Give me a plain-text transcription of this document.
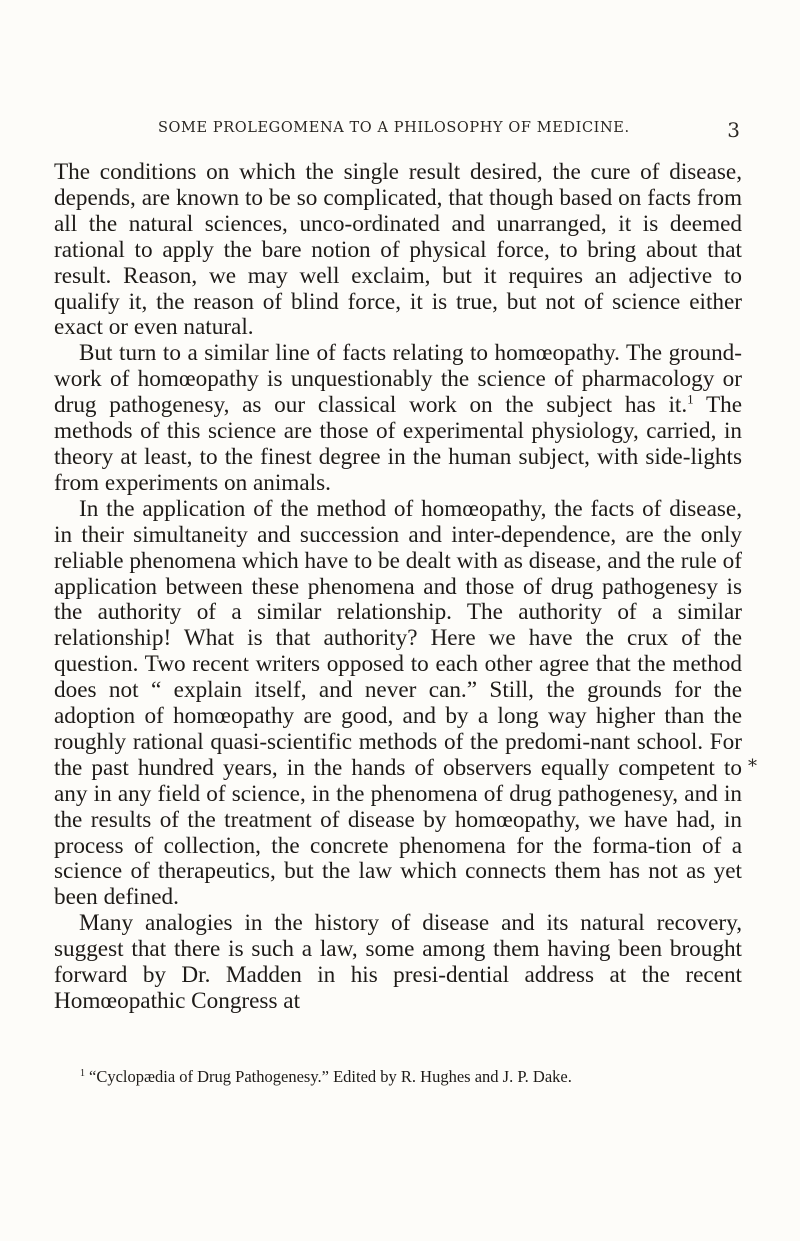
SOME PROLEGOMENA TO A PHILOSOPHY OF MEDICINE.	3

The conditions on which the single result desired, the cure of disease, depends, are known to be so complicated, that though based on facts from all the natural sciences, unco-ordinated and unarranged, it is deemed rational to apply the bare notion of physical force, to bring about that result. Reason, we may well exclaim, but it requires an adjective to qualify it, the reason of blind force, it is true, but not of science either exact or even natural.

But turn to a similar line of facts relating to homœopathy. The ground-work of homœopathy is unquestionably the science of pharmacology or drug pathogenesy, as our classical work on the subject has it.$^1$ The methods of this science are those of experimental physiology, carried, in theory at least, to the finest degree in the human subject, with side-lights from experiments on animals.

In the application of the method of homœopathy, the facts of disease, in their simultaneity and succession and inter-dependence, are the only reliable phenomena which have to be dealt with as disease, and the rule of application between these phenomena and those of drug pathogenesy is the authority of a similar relationship. The authority of a similar relationship! What is that authority? Here we have the crux of the question. Two recent writers opposed to each other agree that the method does not “ explain itself, and never can.” Still, the grounds for the adoption of homœopathy are good, and by a long way higher than the roughly rational quasi-scientific methods of the predomi-nant school. For the past hundred years, in the hands of observers equally competent to any in any field of science, in the phenomena of drug pathogenesy, and in the results of the treatment of disease by homœopathy, we have had, in process of collection, the concrete phenomena for the forma-tion of a science of therapeutics, but the law which connects them has not as yet been defined.

Many analogies in the history of disease and its natural recovery, suggest that there is such a law, some among them having been brought forward by Dr. Madden in his presi-dential address at the recent Homœopathic Congress at

*
$^1$ “Cyclopædia of Drug Pathogenesy.” Edited by R. Hughes and J. P. Dake.
